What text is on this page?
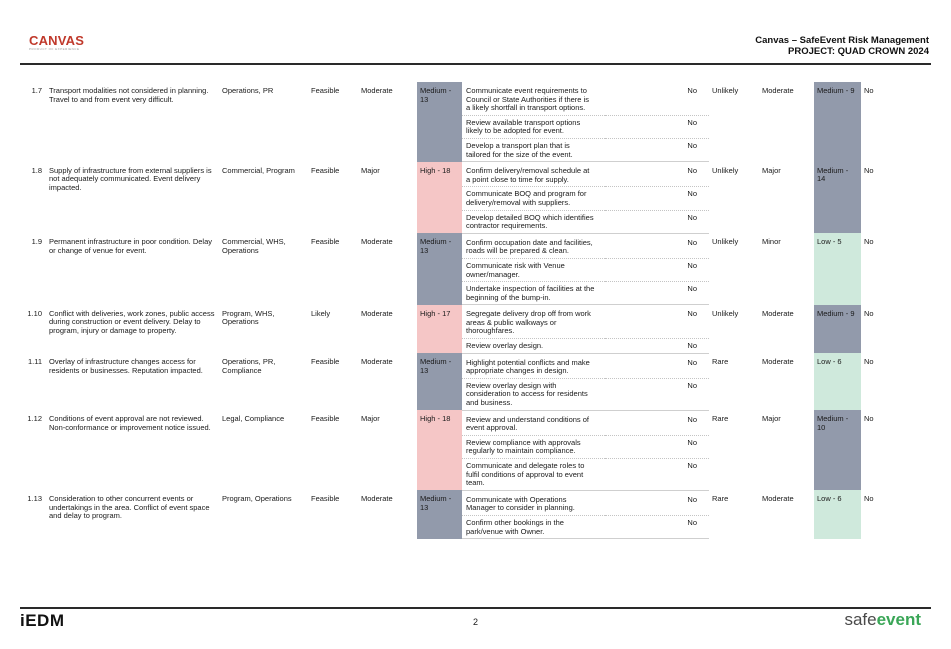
CANVAS
PRODUCT OF EXPERIENCE
Canvas – SafeEvent Risk Management
PROJECT: QUAD CROWN 2024
1.7	Transport modalities not considered in planning. Travel to and from event very difficult.	Operations, PR	Feasible	Moderate	Medium - 13	Communicate event requirements to Council or State Authorities if there is a likely shortfall in transport options.	No	Unlikely	Moderate	Medium - 9	No
						Review available transport options likely to be adopted for event.	No				
						Develop a transport plan that is tailored for the size of the event.	No				
1.8	Supply of infrastructure from external suppliers is not adequately communicated. Event delivery impacted.	Commercial, Program	Feasible	Major	High - 18	Confirm delivery/removal schedule at a point close to time for supply.	No	Unlikely	Major	Medium - 14	No
						Communicate BOQ and program for delivery/removal with suppliers.	No				
						Develop detailed BOQ which identifies contractor requirements.	No				
1.9	Permanent infrastructure in poor condition. Delay or change of venue for event.	Commercial, WHS, Operations	Feasible	Moderate	Medium - 13	Confirm occupation date and facilities, roads will be prepared & clean.	No	Unlikely	Minor	Low - 5	No
						Communicate risk with Venue owner/manager.	No				
						Undertake inspection of facilities at the beginning of the bump-in.	No				
1.10	Conflict with deliveries, work zones, public access during construction or event delivery. Delay to program, injury or damage to property.	Program, WHS, Operations	Likely	Moderate	High - 17	Segregate delivery drop off from work areas & public walkways or thoroughfares.	No	Unlikely	Moderate	Medium - 9	No
						Review overlay design.	No				
1.11	Overlay of infrastructure changes access for residents or businesses. Reputation impacted.	Operations, PR, Compliance	Feasible	Moderate	Medium - 13	Highlight potential conflicts and make appropriate changes in design.	No	Rare	Moderate	Low - 6	No
						Review overlay design with consideration to access for residents and business.	No				
1.12	Conditions of event approval are not reviewed. Non-conformance or improvement notice issued.	Legal, Compliance	Feasible	Major	High - 18	Review and understand conditions of event approval.	No	Rare	Major	Medium - 10	No
						Review compliance with approvals regularly to maintain compliance.	No				
						Communicate and delegate roles to fulfil conditions of approval to event team.	No				
1.13	Consideration to other concurrent events or undertakings in the area. Conflict of event space and delay to program.	Program, Operations	Feasible	Moderate	Medium - 13	Communicate with Operations Manager to consider in planning.	No	Rare	Moderate	Low - 6	No
						Confirm other bookings in the park/venue with Owner.	No				
iEDM	2	safeevent
